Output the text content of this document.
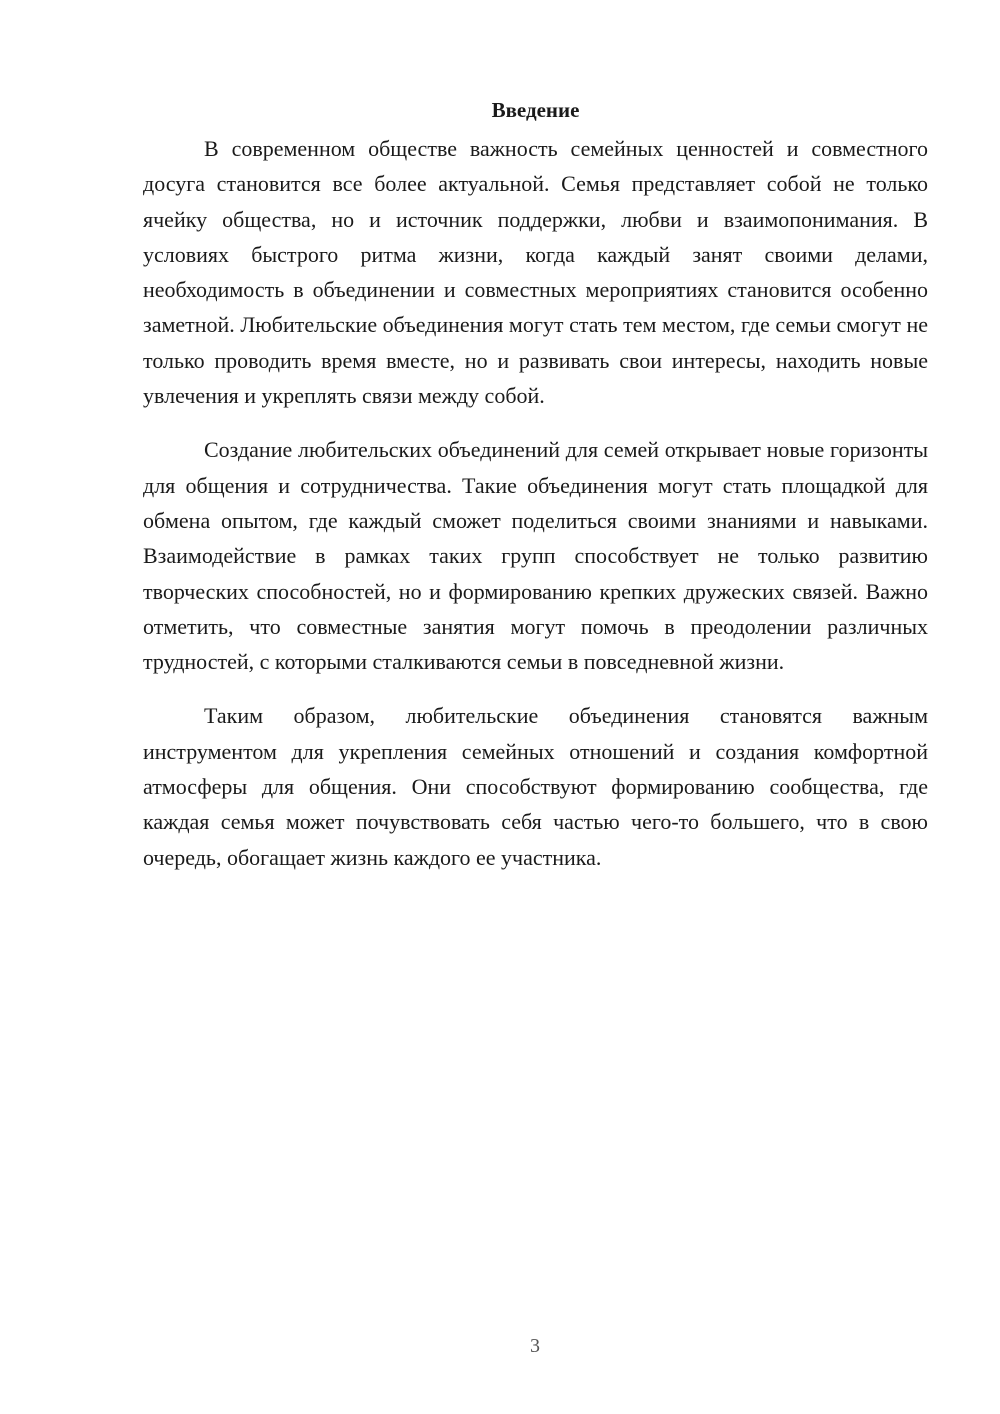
Введение

В современном обществе важность семейных ценностей и совместного досуга становится все более актуальной. Семья представляет собой не только ячейку общества, но и источник поддержки, любви и взаимопонимания. В условиях быстрого ритма жизни, когда каждый занят своими делами, необходимость в объединении и совместных мероприятиях становится особенно заметной. Любительские объединения могут стать тем местом, где семьи смогут не только проводить время вместе, но и развивать свои интересы, находить новые увлечения и укреплять связи между собой.

Создание любительских объединений для семей открывает новые горизонты для общения и сотрудничества. Такие объединения могут стать площадкой для обмена опытом, где каждый сможет поделиться своими знаниями и навыками. Взаимодействие в рамках таких групп способствует не только развитию творческих способностей, но и формированию крепких дружеских связей. Важно отметить, что совместные занятия могут помочь в преодолении различных трудностей, с которыми сталкиваются семьи в повседневной жизни.

Таким образом, любительские объединения становятся важным инструментом для укрепления семейных отношений и создания комфортной атмосферы для общения. Они способствуют формированию сообщества, где каждая семья может почувствовать себя частью чего-то большего, что в свою очередь, обогащает жизнь каждого ее участника.

3
